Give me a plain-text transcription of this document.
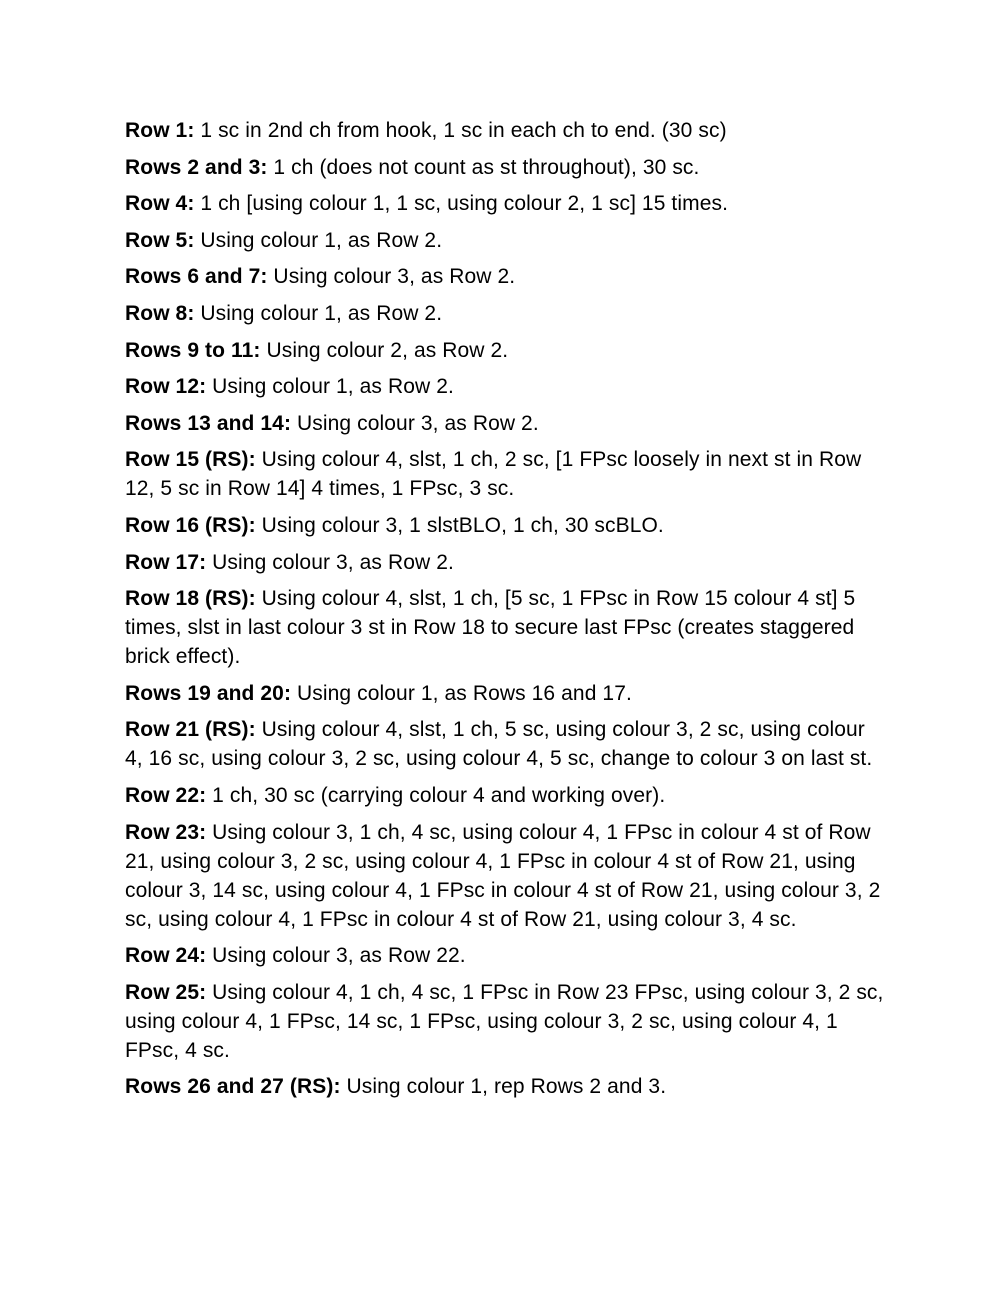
Row 1: 1 sc in 2nd ch from hook, 1 sc in each ch to end. (30 sc)

Rows 2 and 3: 1 ch (does not count as st throughout), 30 sc.

Row 4: 1 ch [using colour 1, 1 sc, using colour 2, 1 sc] 15 times.

Row 5: Using colour 1, as Row 2.

Rows 6 and 7: Using colour 3, as Row 2.

Row 8: Using colour 1, as Row 2.

Rows 9 to 11: Using colour 2, as Row 2.

Row 12: Using colour 1, as Row 2.

Rows 13 and 14: Using colour 3, as Row 2.

Row 15 (RS): Using colour 4, slst, 1 ch, 2 sc, [1 FPsc loosely in next st in Row 12, 5 sc in Row 14] 4 times, 1 FPsc, 3 sc.

Row 16 (RS): Using colour 3, 1 slstBLO, 1 ch, 30 scBLO.

Row 17: Using colour 3, as Row 2.

Row 18 (RS): Using colour 4, slst, 1 ch, [5 sc, 1 FPsc in Row 15 colour 4 st] 5 times, slst in last colour 3 st in Row 18 to secure last FPsc (creates staggered brick effect).

Rows 19 and 20: Using colour 1, as Rows 16 and 17.

Row 21 (RS): Using colour 4, slst, 1 ch, 5 sc, using colour 3, 2 sc, using colour 4, 16 sc, using colour 3, 2 sc, using colour 4, 5 sc, change to colour 3 on last st.

Row 22: 1 ch, 30 sc (carrying colour 4 and working over).

Row 23: Using colour 3, 1 ch, 4 sc, using colour 4, 1 FPsc in colour 4 st of Row 21, using colour 3, 2 sc, using colour 4, 1 FPsc in colour 4 st of Row 21, using colour 3, 14 sc, using colour 4, 1 FPsc in colour 4 st of Row 21, using colour 3, 2 sc, using colour 4, 1 FPsc in colour 4 st of Row 21, using colour 3, 4 sc.

Row 24: Using colour 3, as Row 22.

Row 25: Using colour 4, 1 ch, 4 sc, 1 FPsc in Row 23 FPsc, using colour 3, 2 sc, using colour 4, 1 FPsc, 14 sc, 1 FPsc, using colour 3, 2 sc, using colour 4, 1 FPsc, 4 sc.

Rows 26 and 27 (RS): Using colour 1, rep Rows 2 and 3.
